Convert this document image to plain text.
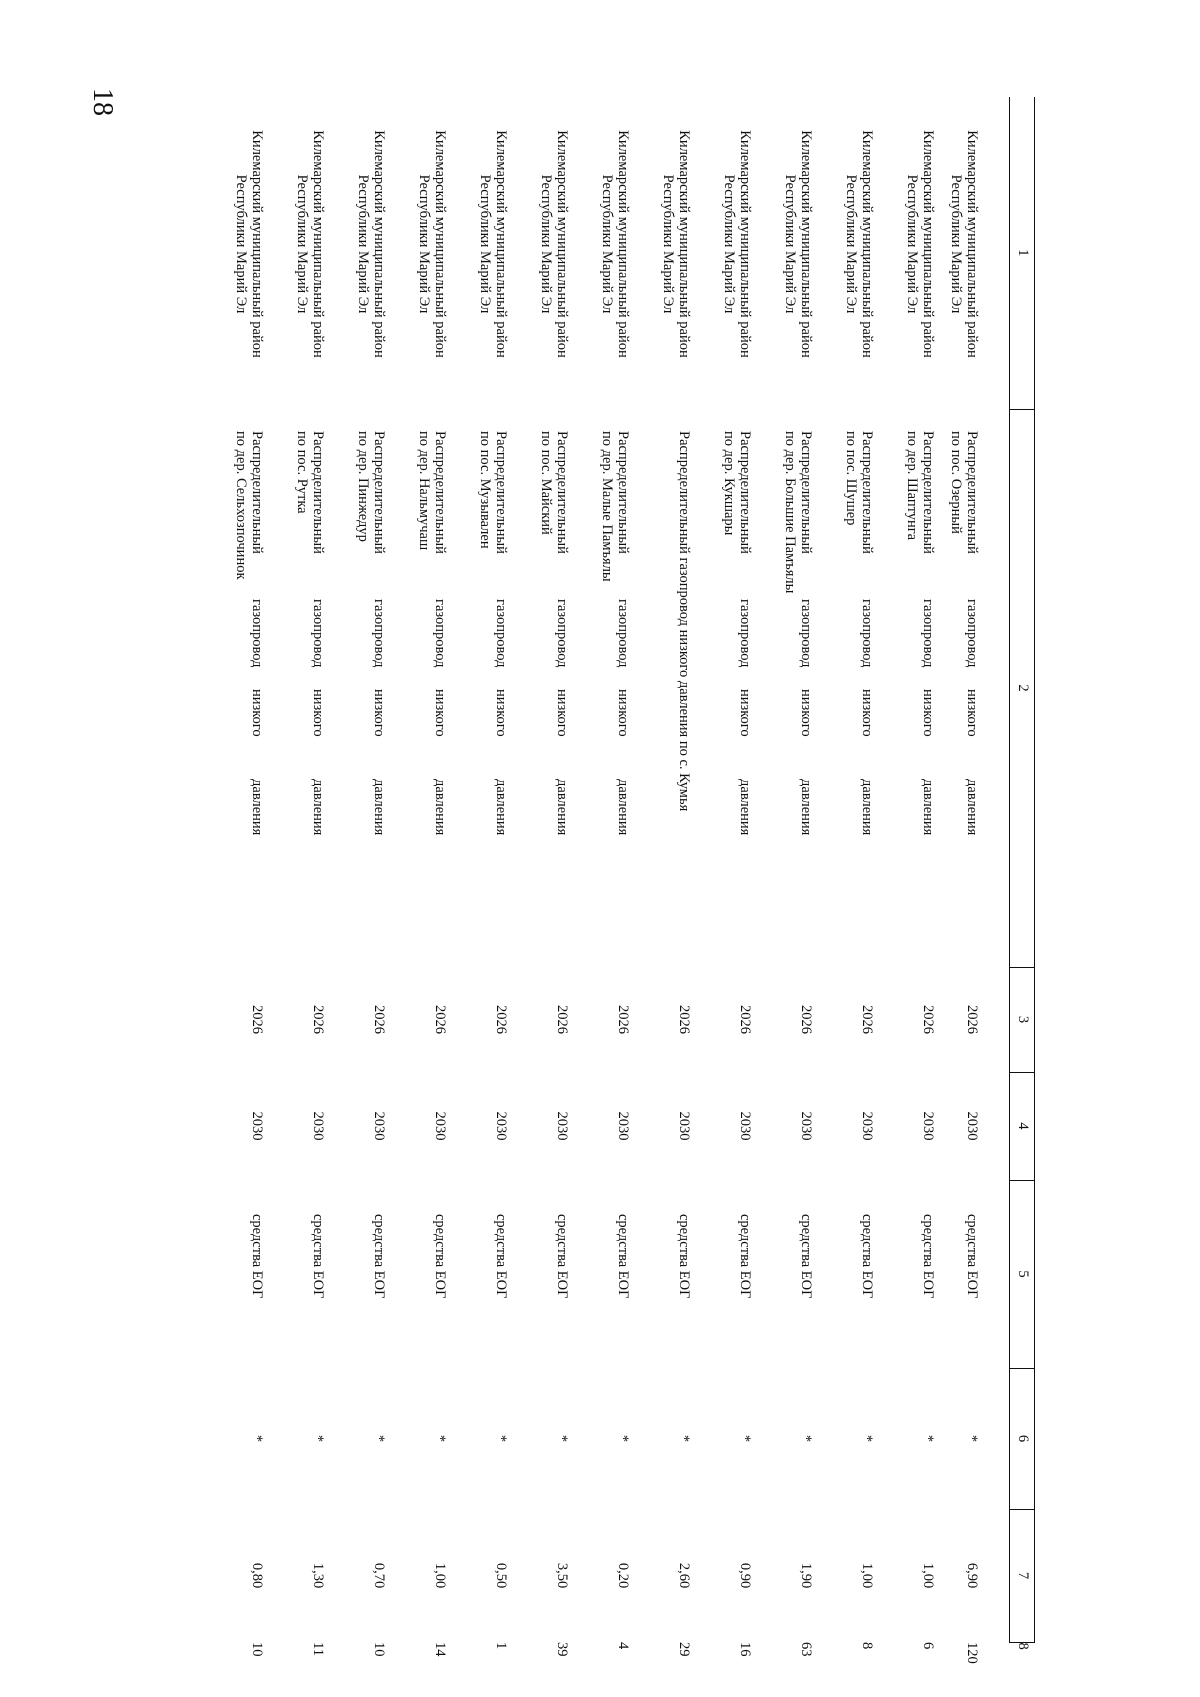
18
1	2	3	4	5	6	7	8

Килемарский муниципальный район
Республики Марий Эл	Распределительный
газопровод
низкого
давления
по пос. Озерный	2026	2030	средства ЕОГ	*	6,90	120

Килемарский муниципальный район
Республики Марий Эл	Распределительный
газопровод
низкого
давления
по дер. Шаптунга	2026	2030	средства ЕОГ	*	1,00	6

Килемарский муниципальный район
Республики Марий Эл	Распределительный
газопровод
низкого
давления
по пос. Шушер	2026	2030	средства ЕОГ	*	1,00	8

Килемарский муниципальный район
Республики Марий Эл	Распределительный
газопровод
низкого
давления
по дер. Большие Памъялы	2026	2030	средства ЕОГ	*	1,90	63

Килемарский муниципальный район
Республики Марий Эл	Распределительный
газопровод
низкого
давления
по дер. Кукшары	2026	2030	средства ЕОГ	*	0,90	16

Килемарский муниципальный район
Республики Марий Эл	Распределительный газопровод низкого давления по с. Кумья	2026	2030	средства ЕОГ	*	2,60	29

Килемарский муниципальный район
Республики Марий Эл	Распределительный
газопровод
низкого
давления
по дер. Малые Памъялы	2026	2030	средства ЕОГ	*	0,20	4

Килемарский муниципальный район
Республики Марий Эл	Распределительный
газопровод
низкого
давления
по пос. Майский	2026	2030	средства ЕОГ	*	3,50	39

Килемарский муниципальный район
Республики Марий Эл	Распределительный
газопровод
низкого
давления
по пос. Музывален	2026	2030	средства ЕОГ	*	0,50	1

Килемарский муниципальный район
Республики Марий Эл	Распределительный
газопровод
низкого
давления
по дер. Нальмучаш	2026	2030	средства ЕОГ	*	1,00	14

Килемарский муниципальный район
Республики Марий Эл	Распределительный
газопровод
низкого
давления
по дер. Пинжедур	2026	2030	средства ЕОГ	*	0,70	10

Килемарский муниципальный район
Республики Марий Эл	Распределительный
газопровод
низкого
давления
по пос. Рутка	2026	2030	средства ЕОГ	*	1,30	11

Килемарский муниципальный район
Республики Марий Эл	Распределительный
газопровод
низкого
давления
по дер. Сельхозпочинок	2026	2030	средства ЕОГ	*	0,80	10
